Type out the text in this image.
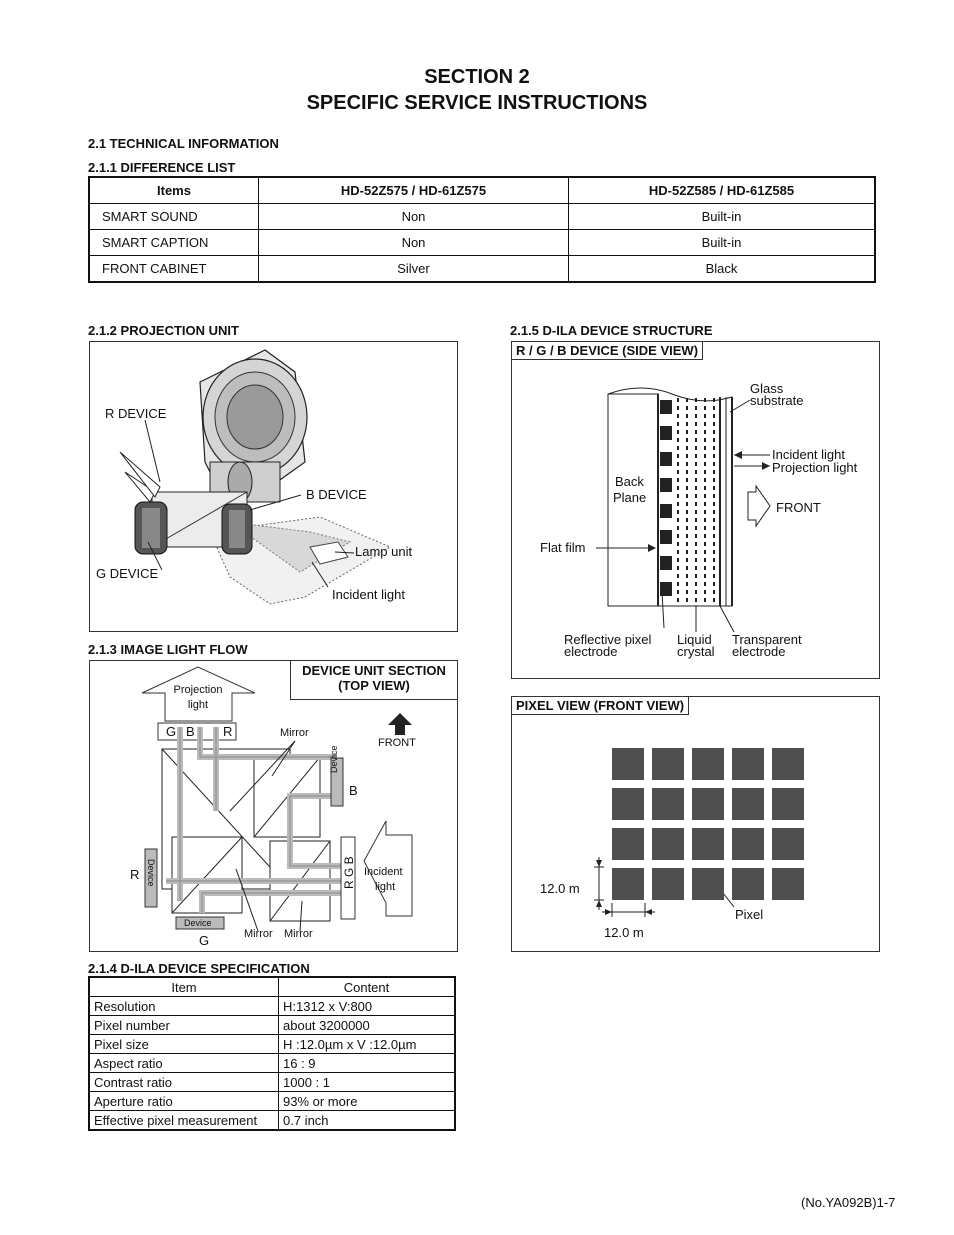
SECTION 2
SPECIFIC SERVICE INSTRUCTIONS
2.1 TECHNICAL INFORMATION
2.1.1 DIFFERENCE LIST
Items	HD-52Z575 / HD-61Z575	HD-52Z585 / HD-61Z585
SMART SOUND	Non	Built-in
SMART CAPTION	Non	Built-in
FRONT CABINET	Silver	Black
2.1.2 PROJECTION UNIT
R DEVICE
B DEVICE
G DEVICE
Lamp unit
Incident light
2.1.3 IMAGE LIGHT FLOW
DEVICE UNIT SECTION
(TOP VIEW)
Projection
light
G B R	Mirror
FRONT
Device
B
R Device
Device
G	Mirror Mirror
R G B Incident
light
2.1.4 D-ILA DEVICE SPECIFICATION
Item	Content
Resolution	H:1312 x V:800
Pixel number	about 3200000
Pixel size	H :12.0µm x V :12.0µm
Aspect ratio	16 : 9
Contrast ratio	1000 : 1
Aperture ratio	93% or more
Effective pixel measurement	0.7 inch
2.1.5 D-ILA DEVICE STRUCTURE
R / G / B DEVICE (SIDE VIEW)
Glass
substrate
Incident light
Projection light
FRONT
Back
Plane
Flat film
Reflective pixel
electrode
Liquid
crystal
Transparent
electrode
PIXEL VIEW (FRONT VIEW)
12.0 m
12.0 m
Pixel
(No.YA092B)1-7
